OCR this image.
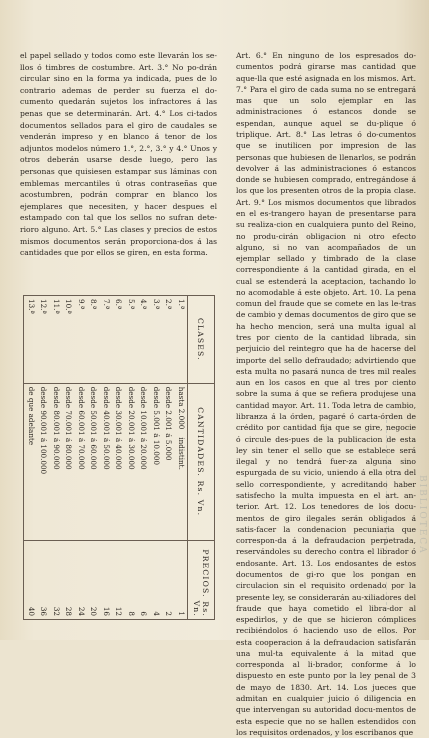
el papel sellado y todos como este llevarán los se-llos ó timbres de costumbre. Art. 3.° No po-drán circular sino en la forma ya indicada, pues de lo contrario ademas de perder su fuerza el do-cumento quedarán sujetos los infractores á las penas que se determinarán. Art. 4.° Los ci-tados documentos sellados para el giro de caudales se venderán impreso y en blanco á tenor de los adjuntos modelos número 1.°, 2.°, 3.° y 4.° Unos y otros deberán usarse desde luego, pero las personas que quisiesen estampar sus láminas con emblemas mercantiles ú otras contraseñas que acostumbren, podrán comprar en blanco los ejemplares que necesiten, y hacer despues el estampado con tal que los sellos no sufran dete-rioro alguno. Art. 5.° Las clases y precios de estos mismos documentos serán proporciona-dos á las cantidades que por ellos se giren, en esta forma.

CLASES.	CANTIDADES. Rs. Vn.	PRECIOS. Rs. Vn.
1.ª	hasta 2.000indistint.	1
2.ª	desde 2.001 á 5.000	2
3.ª	desde 5.001 á 10.000	4
4.ª	desde 10.001 á 20.000	6
5.ª	desde 20.001 á 30.000	8
6.ª	desde 30.001 á 40.000	12
7.ª	desde 40.001 á 50.000	16
8.ª	desde 50.001 á 60.000	20
9.ª	desde 60.001 á 70.000	24
10.ª	desde 70.001 á 80.000	28
11.ª	desde 80.001 á 90.000	32
12.ª	desde 90.001 á 100.000	36
13.ª	de que adelante	40

Art. 6.° En ninguno de los espresados do-cumentos podrá girarse mas cantidad que aque-lla que esté asignada en los mismos. Art. 7.° Para el giro de cada suma no se entregará mas que un solo ejemplar en las administraciones ó estancos donde se espendan, aunque aquel se du-plique ó triplique. Art. 8.° Las letras ó do-cumentos que se inutilicen por impresion de las personas que hubiesen de llenarlos, se podrán devolver á las administraciones ó estancos donde se hubiesen comprado, entregándose á los que los presenten otros de la propia clase. Art. 9.° Los mismos documentos que librados en el es-trangero hayan de presentarse para su realiza-cion en cualquiera punto del Reino, no produ-cirán obligacion ni otro efecto alguno, si no van acompañados de un ejemplar sellado y timbrado de la clase correspondiente á la cantidad girada, en el cual se estenderá la aceptacion, tachando lo no acomodable á este objeto. Art. 10. La pena comun del fraude que se comete en las le-tras de cambio y demas documentos de giro que se ha hecho mencion, será una multa igual al tres por ciento de la cantidad librada, sin perjuicio del reintegro que ha de hacerse del importe del sello defraudado; advirtiendo que esta multa no pasará nunca de tres mil reales aun en los casos en que al tres por ciento sobre la suma á que se refiera produjese una cantidad mayor. Art. 11. Toda letra de cambio, librанza á la órden, pagaré ó carta-órden de crédito por cantidad fija que se gire, negocie ó circule des-pues de la publicacion de esta ley sin tener el sello que se establece será ilegal y no tendrá fuer-za alguna sino espurgada de su vicio, uniendo á ella otra del sello correspondiente, y acreditando haber satisfecho la multa impuesta en el art. an-terior. Art. 12. Los tenedores de los docu-mentos de giro ilegales serán obligados á satis-facer la condenacion pecuniaria que correspon-da á la defraudacion perpetrada, reservándoles su derecho contra el librador ó endosante. Art. 13. Los endosantes de estos documentos de gi-ro que los pongan en circulacion sin el requisito ordenado por la presente ley, se considerarán au-xiliadores del fraude que haya cometido el libra-dor al espedirlos, y de que se hicieron cómplices recibiéndolos ó haciendo uso de ellos. Por esta cooperacion á la defraudacion satisfarán una mul-ta equivalente á la mitad que corresponda al li-brador, conforme á lo dispuesto en este punto por la ley penal de 3 de mayo de 1830. Art. 14. Los jueces que admitan en cualquier juicio ó diligencia en que intervengan su autoridad docu-mentos de esta especie que no se hallen estendidos con los requisitos ordenados, y los escribanos que

BIBLIOTECA
